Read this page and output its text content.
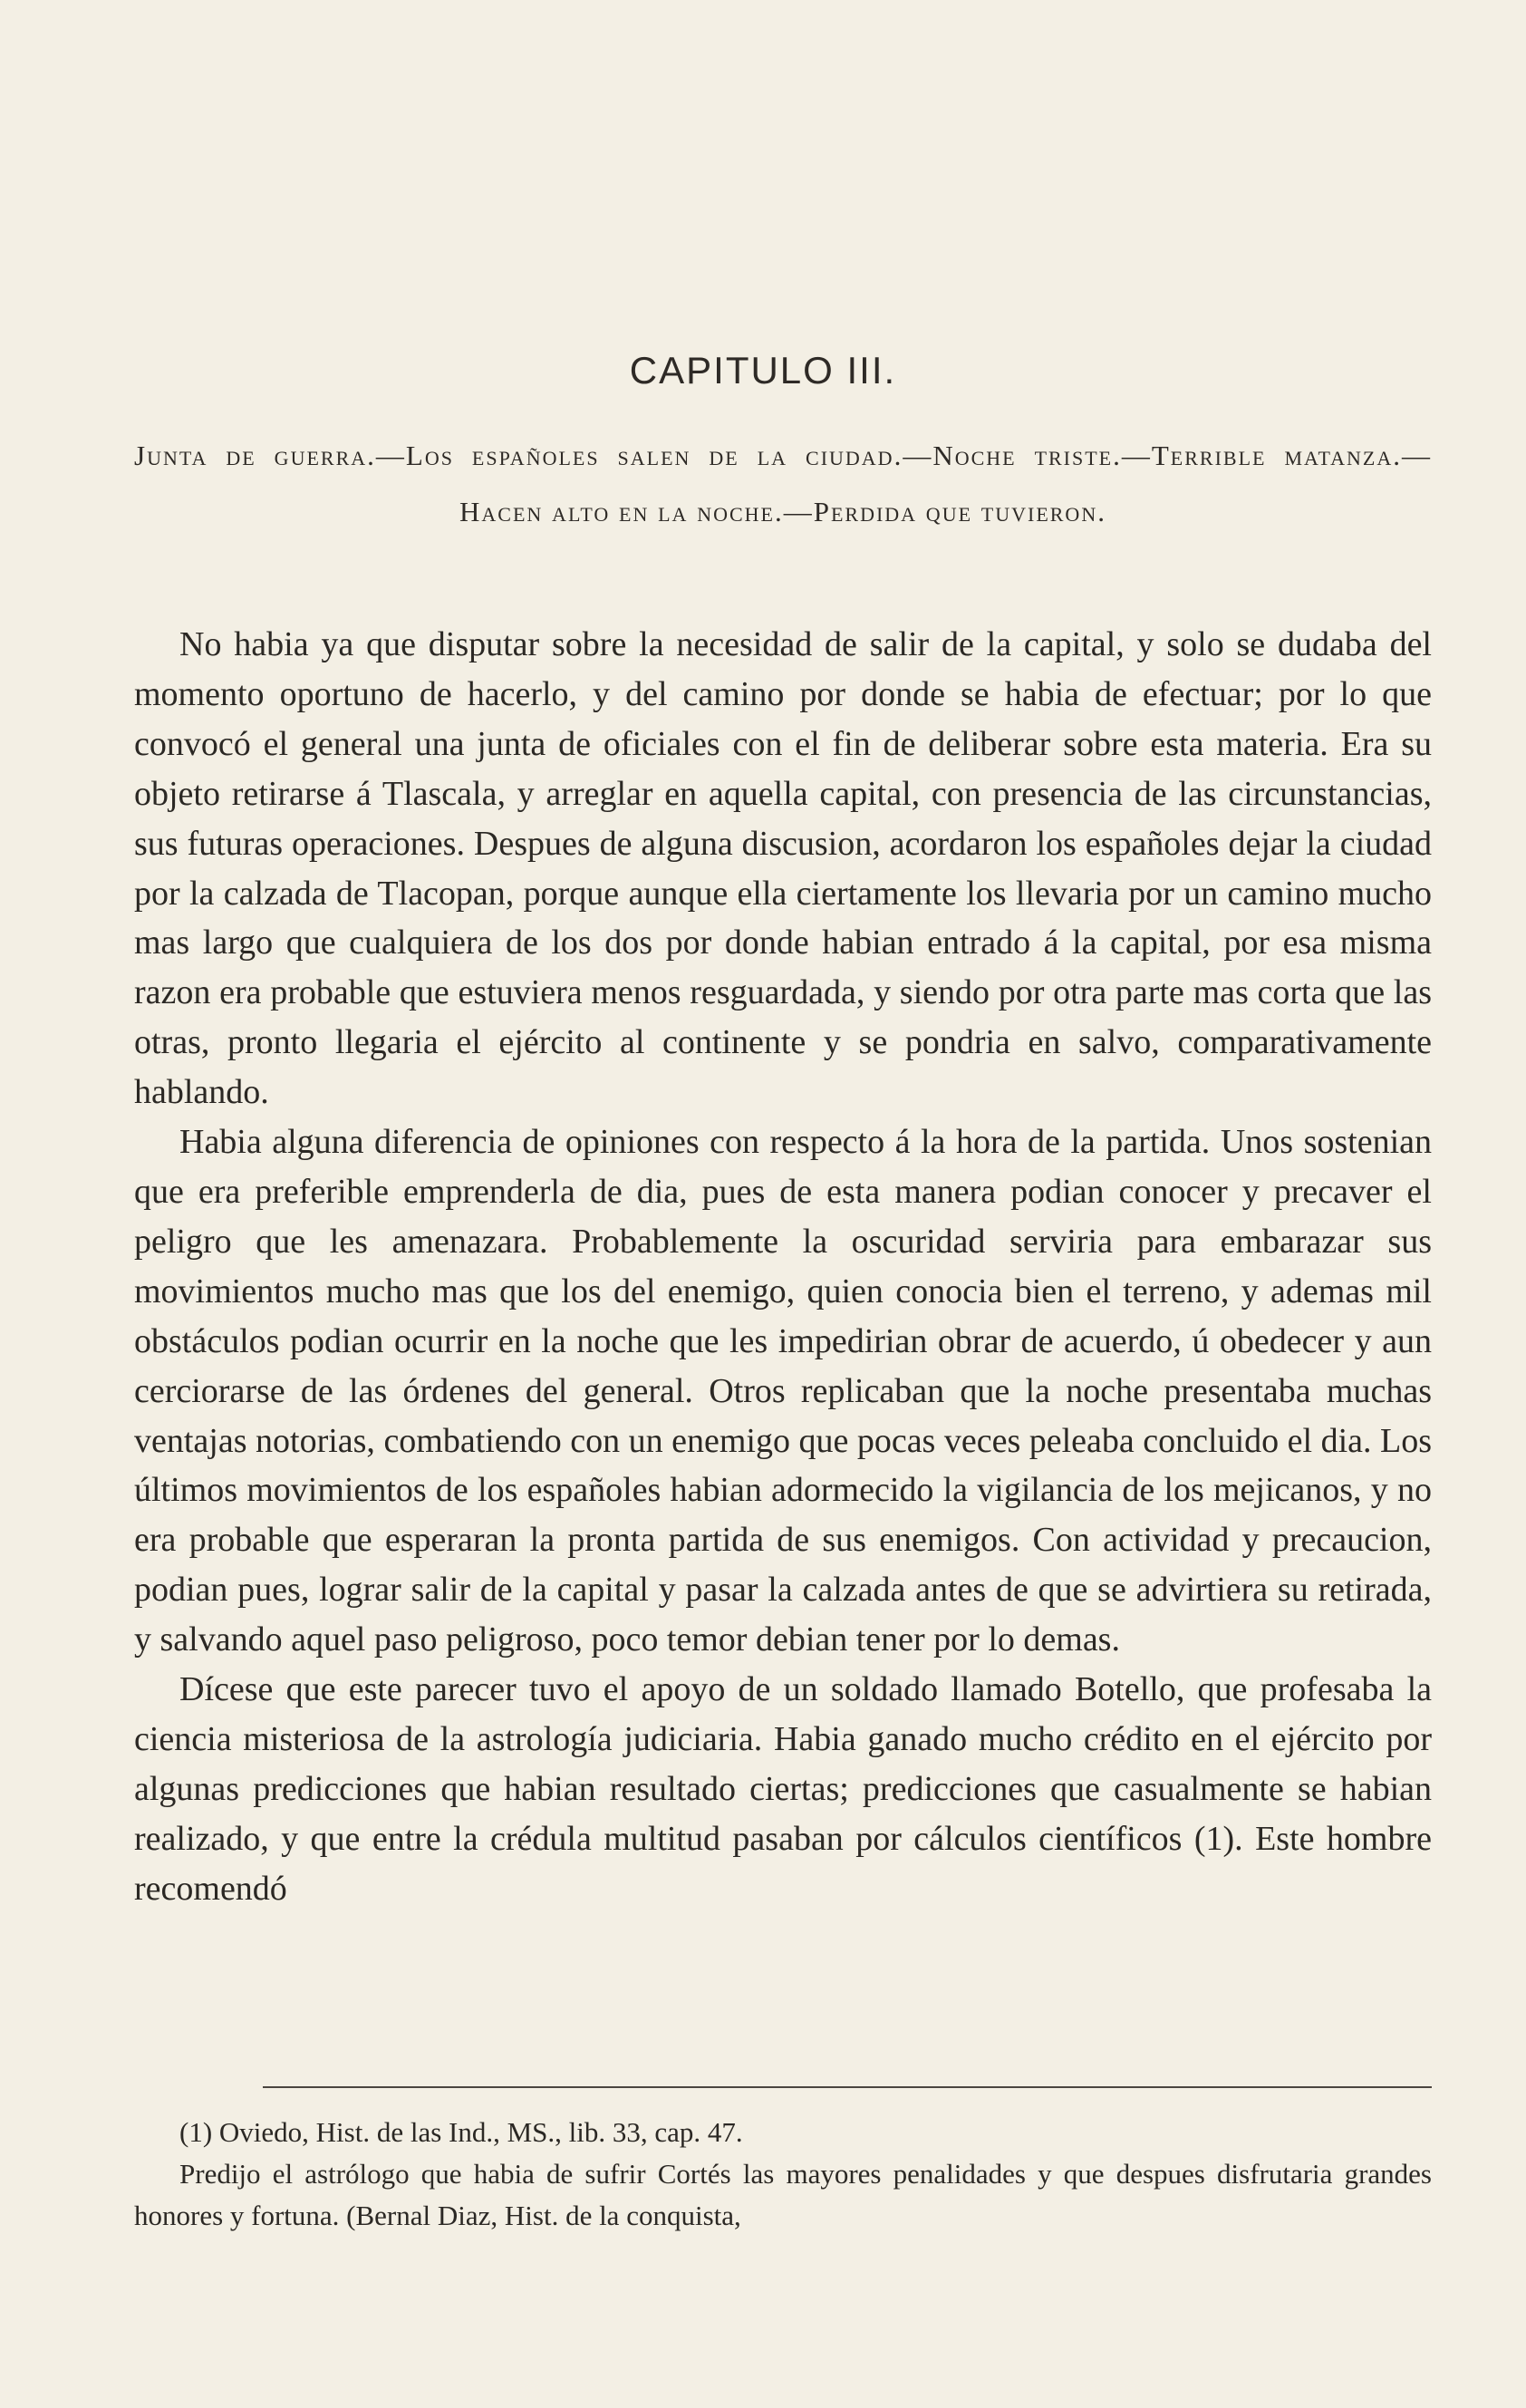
CAPITULO III.
Junta de guerra.—Los españoles salen de la ciudad.—Noche triste.—Terrible matanza.—Hacen alto en la noche.—Perdida que tuvieron.

No habia ya que disputar sobre la necesidad de salir de la capital, y solo se dudaba del momento oportuno de hacerlo, y del camino por donde se habia de efectuar; por lo que convocó el general una junta de oficiales con el fin de deliberar sobre esta materia. Era su objeto retirarse á Tlascala, y arreglar en aquella capital, con presencia de las circunstancias, sus futuras operaciones. Despues de alguna discusion, acordaron los españoles dejar la ciudad por la calzada de Tlacopan, porque aunque ella ciertamente los llevaria por un camino mucho mas largo que cualquiera de los dos por donde habian entrado á la capital, por esa misma razon era probable que estuviera menos resguardada, y siendo por otra parte mas corta que las otras, pronto llegaria el ejército al continente y se pondria en salvo, comparativamente hablando.

Habia alguna diferencia de opiniones con respecto á la hora de la partida. Unos sostenian que era preferible emprenderla de dia, pues de esta manera podian conocer y precaver el peligro que les amenazara. Probablemente la oscuridad serviria para embarazar sus movimientos mucho mas que los del enemigo, quien conocia bien el terreno, y ademas mil obstáculos podian ocurrir en la noche que les impedirian obrar de acuerdo, ú obedecer y aun cerciorarse de las órdenes del general. Otros replicaban que la noche presentaba muchas ventajas notorias, combatiendo con un enemigo que pocas veces peleaba concluido el dia. Los últimos movimientos de los españoles habian adormecido la vigilancia de los mejicanos, y no era probable que esperaran la pronta partida de sus enemigos. Con actividad y precaucion, podian pues, lograr salir de la capital y pasar la calzada antes de que se advirtiera su retirada, y salvando aquel paso peligroso, poco temor debian tener por lo demas.

Dícese que este parecer tuvo el apoyo de un soldado llamado Botello, que profesaba la ciencia misteriosa de la astrología judiciaria. Habia ganado mucho crédito en el ejército por algunas predicciones que habian resultado ciertas; predicciones que casualmente se habian realizado, y que entre la crédula multitud pasaban por cálculos científicos (1). Este hombre recomendó

(1) Oviedo, Hist. de las Ind., MS., lib. 33, cap. 47.

Predijo el astrólogo que habia de sufrir Cortés las mayores penalidades y que despues disfrutaria grandes honores y fortuna. (Bernal Diaz, Hist. de la conquista,
